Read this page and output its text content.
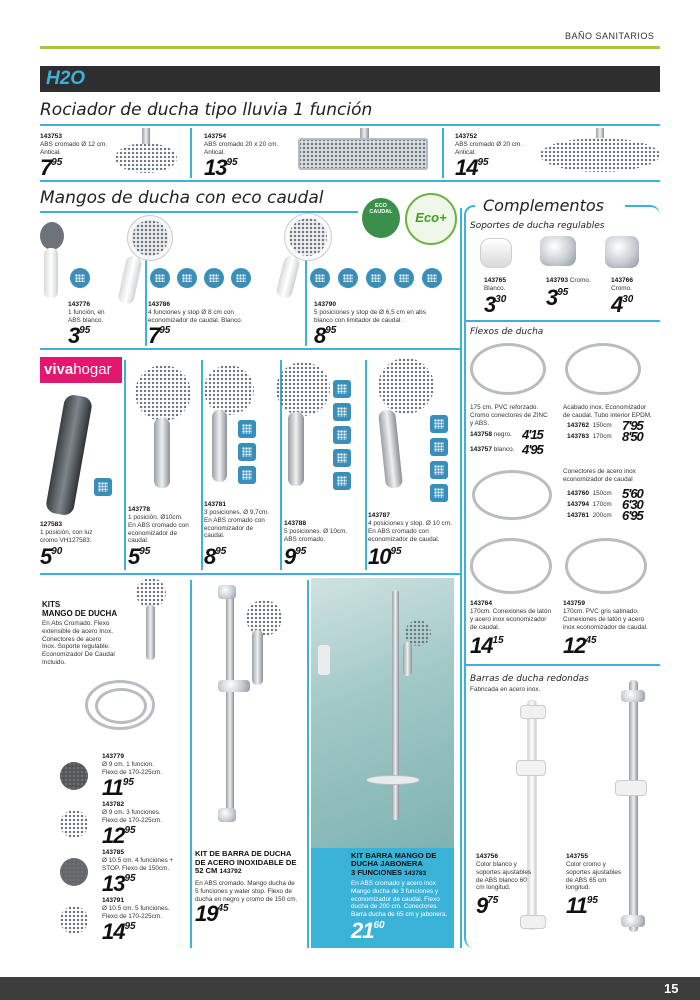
BAÑO SANITARIOS
H2O
Rociador de ducha tipo lluvia 1 función
143753
ABS cromado Ø 12 cm.
Antical.
$7^{95}$
143754
ABS cromado 20 x 20 cm.
Antical.
$13^{95}$
143752
ABS cromado Ø 20 cm.
Antical.
$14^{95}$
Mangos de ducha con eco caudal	ECO
CAUDAL	Eco+
143776
1 función, en
ABS blanco.
$3^{95}$
143786
4 funciones y stop Ø 8 cm con
economizador de caudal. Blanco.
$7^{95}$
143790
5 posiciones y stop de Ø 6,5 cm en abs
blanco con limitador de caudal.
$8^{95}$
vivahogar
127583
1 posición, con luz
cromo VH127583.
$5^{90}$
143778
1 posición. Ø10cm.
En ABS cromado con
economizador de
caudal.
$5^{95}$
143781
3 posiciones. Ø 9,7cm.
En ABS cromado con
economizador de
caudal.
$8^{95}$
143788
5 posiciones. Ø 10cm.
ABS cromado.
$9^{95}$
143787
4 posiciones y stop. Ø 10 cm.
En ABS cromado con
economizador de caudal.
$10^{95}$
KITS
MANGO DE DUCHA
En Abs Cromado. Flexo
extensible de acero Inox.
Conectores de acero
Inox. Soporte regulable.
Economizador De Caudal
Incluido.
143779
Ø 9 cm. 1 funcion.
Flexo de 170-225cm.
$11^{95}$
143782
Ø 9 cm. 3 funciones.
Flexo de 170-225cm.
$12^{95}$
143785
Ø 10.5 cm. 4 funciones +
STOP. Flexo de 150cm.
$13^{95}$
143791
Ø 10.5 cm. 5 funciones.
Flexo de 170-225cm.
$14^{95}$
KIT DE BARRA DE DUCHA
DE ACERO INOXIDABLE DE
52 CM 143792
En ABS cromado. Mango ducha de
5 funciones y water stop. Flexo de
ducha en negro y cromo de 150 cm.
$19^{45}$
KIT BARRA MANGO DE
DUCHA JABONERA
3 FUNCIONES 143783
En ABS cromado y acero inox
Mango ducha de 3 funciones y
economizador de caudal. Flexo
ducha de 200 cm. Conectores.
Barra ducha de 65 cm y jabonera.
$21^{60}$
Complementos
Soportes de ducha regulables
143765
Blanco.
$3^{30}$
143793 Cromo.
$3^{95}$
143766
Cromo.
$4^{30}$
Flexos de ducha
175 cm. PVC reforzado.
Cromo conectores de ZINC
y ABS.
143758 negro. 4'15
143757 blanco. 4'95
Acabado inox. Economizador
de caudal. Tubo interior EPDM.
143762 150cm 7'95
143763 170cm 8'50
Conectores de acero inox
economizador de caudal
143760 150cm 5'60
143794 170cm 6'30
143761 200cm 6'95
143764
170cm. Conexiones de latón
y acero inox economizador
de caudal.
$14^{15}$
143759
170cm. PVC gris satinado.
Conexiones de latón y acero
inox economizador de caudal.
$12^{45}$
Barras de ducha redondas
Fabricada en acero inox.
143756
Color blanco y
soportes ajustables
de ABS blanco 60
cm longitud.
$9^{75}$
143755
Color cromo y
soportes ajustables
de ABS 65 cm
longitud.
$11^{95}$
15
